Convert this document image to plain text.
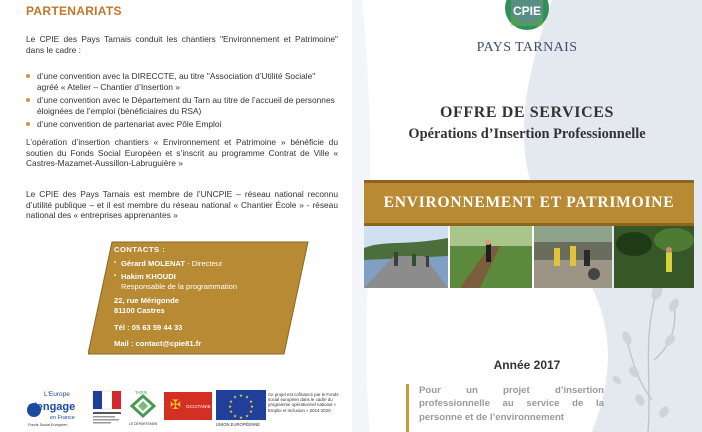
PARTENARIATS

Le CPIE des Pays Tarnais conduit les chantiers "Environnement et Patrimoine" dans le cadre :

d’une convention avec la DIRECCTE, au titre "Association d’Utilité Sociale" agréé « Atelier – Chantier d’Insertion »
d’une convention avec le Département du Tarn au titre de l’accueil de personnes éloignées de l’emploi (bénéficiaires du RSA)
d’une convention de partenariat avec Pôle Emploi

L’opération d’insertion chantiers « Environnement et Patrimoine » bénéficie du soutien du Fonds Social Européen et s’inscrit au programme Contrat de Ville « Castres-Mazamet-Aussillon-Labruguière »

Le CPIE des Pays Tarnais est membre de l’UNCPIE – réseau national reconnu d’utilité publique – et il est membre du réseau national « Chantier École » - réseau national des « entreprises apprenantes »

CONTACTS :
▪ Gérard MOLENAT - Directeur
▪ Hakim KHOUDI
Responsable de la programmation
22, rue Mérigonde
81100 Castres
Tél : 05 63 59 44 33
Mail : contact@cpie81.fr
L'Europe
s'engage
en France
Fonds Social Européen
TARN
LE DÉPARTEMENT
✠ OCCITANIE
★ ★
★
★
★
★
★
★
★
★
★
★
UNION EUROPÉENNE
Ce projet est cofinancé par le Fonds social européen dans le cadre du programme opérationnel national « Emploi et Inclusion » 2014-2020
CPIE
PAYS TARNAIS
OFFRE DE SERVICES
Opérations d’Insertion Professionnelle
ENVIRONNEMENT ET PATRIMOINE
Année 2017

Pour un projet d’insertion professionnelle au service de la personne et de l’environnement
